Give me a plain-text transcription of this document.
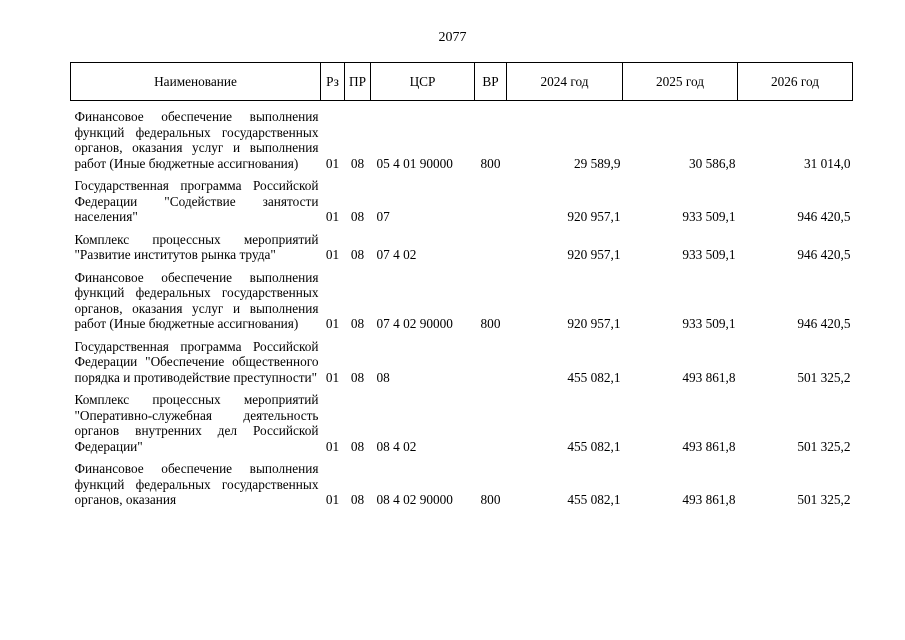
2077
Наименование	Рз	ПР	ЦСР	ВР	2024 год	2025 год	2026 год
Финансовое обеспечение выполнения функций федеральных государственных органов, оказания услуг и выполнения работ (Иные бюджетные ассигнования)	01	08	05 4 01 90000	800	29 589,9	30 586,8	31 014,0
Государственная программа Российской Федерации "Содействие занятости населения"	01	08	07		920 957,1	933 509,1	946 420,5
Комплекс процессных мероприятий "Развитие институтов рынка труда"	01	08	07 4 02		920 957,1	933 509,1	946 420,5
Финансовое обеспечение выполнения функций федеральных государственных органов, оказания услуг и выполнения работ (Иные бюджетные ассигнования)	01	08	07 4 02 90000	800	920 957,1	933 509,1	946 420,5
Государственная программа Российской Федерации "Обеспечение общественного порядка и противодействие преступности"	01	08	08		455 082,1	493 861,8	501 325,2
Комплекс процессных мероприятий "Оперативно-служебная деятельность органов внутренних дел Российской Федерации"	01	08	08 4 02		455 082,1	493 861,8	501 325,2
Финансовое обеспечение выполнения функций федеральных государственных органов, оказания	01	08	08 4 02 90000	800	455 082,1	493 861,8	501 325,2
